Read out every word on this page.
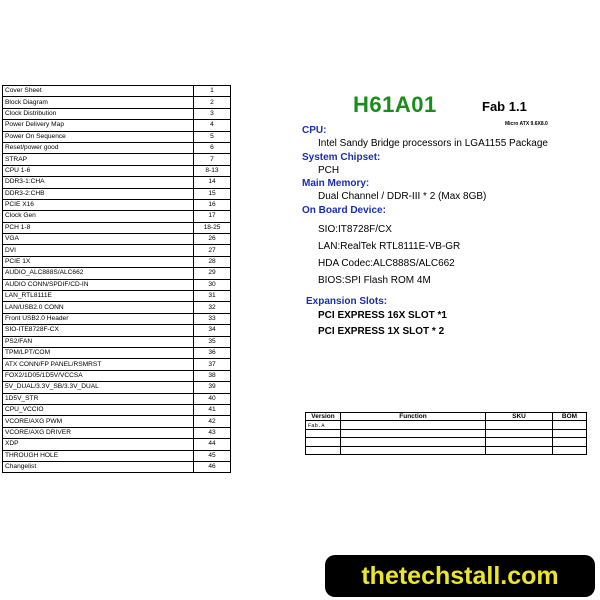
Cover Sheet	1
Block Diagram	2
Clock Distribution	3
Power Delivery Map	4
Power On Sequence	5
Reset/power good	6
STRAP	7
CPU 1-6	8-13
DDR3-1:CHA	14
DDR3-2:CHB	15
PCIE X16	16
Clock Gen	17
PCH 1-8	18-25
VGA	26
DVI	27
PCIE 1X	28
AUDIO_ALC888S/ALC662	29
AUDIO CONN/SPDIF/CD-IN	30
LAN_RTL8111E	31
LAN/USB2.0 CONN	32
Front USB2.0 Header	33
SIO-ITE8728F-CX	34
PS2/FAN	35
TPM/LPT/COM	36
ATX CONN/FP PANEL/RSMRST	37
FOX2/1D05/1D5V/VCCSA	38
5V_DUAL/3.3V_SB/3.3V_DUAL	39
1D5V_STR	40
CPU_VCCIO	41
VCORE/AXG PWM	42
VCORE/AXG DRIVER	43
XDP	44
THROUGH HOLE	45
Changelist	46
H61A01	Fab 1.1
Micro ATX 9.6X8.0
CPU:
Intel Sandy Bridge processors in LGA1155 Package
System Chipset:
PCH
Main Memory:
Dual Channel / DDR-III * 2 (Max 8GB)
On Board Device:
SIO:IT8728F/CX
LAN:RealTek RTL8111E-VB-GR
HDA Codec:ALC888S/ALC662
BIOS:SPI Flash ROM 4M
Expansion Slots:
PCI EXPRESS 16X SLOT *1
PCI EXPRESS 1X SLOT * 2
Version	Function	SKU	BOM
Fab.A			

thetechstall.com
